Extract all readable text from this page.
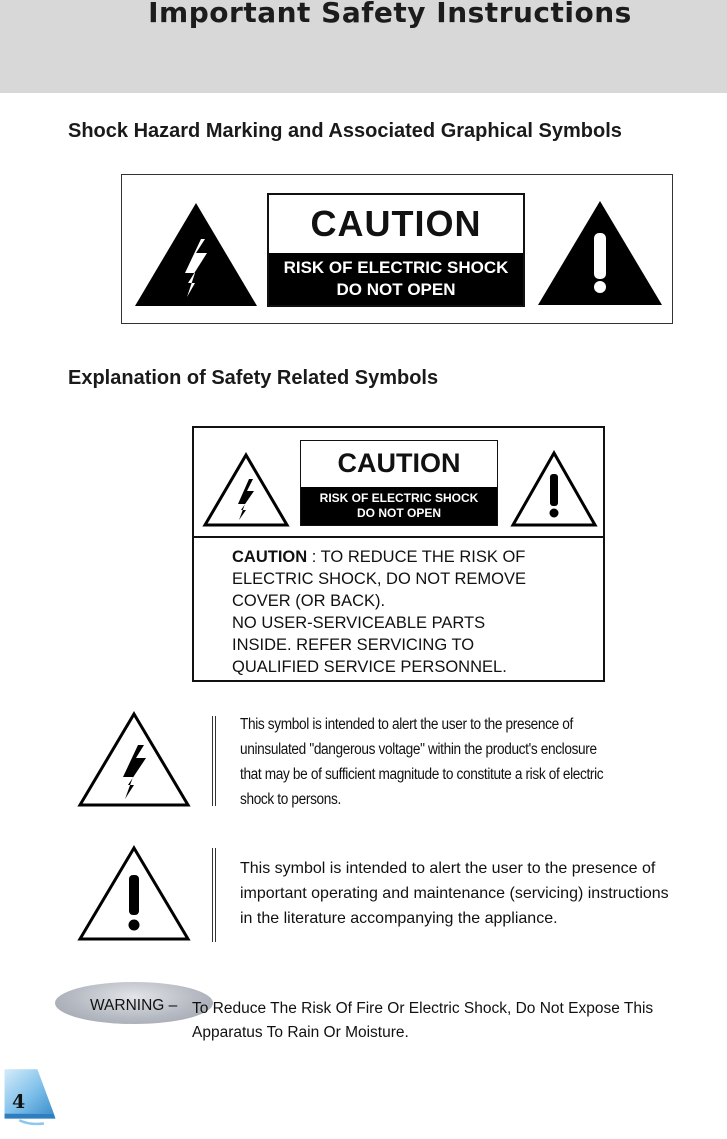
Important Safety Instructions
Shock Hazard Marking and Associated Graphical Symbols
CAUTION
RISK OF ELECTRIC SHOCK
DO NOT OPEN
Explanation of Safety Related Symbols
CAUTION
RISK OF ELECTRIC SHOCK
DO NOT OPEN
CAUTION : TO REDUCE THE RISK OF
ELECTRIC SHOCK, DO NOT REMOVE
COVER (OR BACK).
NO USER-SERVICEABLE PARTS
INSIDE. REFER SERVICING TO
QUALIFIED SERVICE PERSONNEL.
This symbol is intended to alert the user to the presence of
uninsulated "dangerous voltage" within the product's enclosure
that may be of sufficient magnitude to constitute a risk of electric
shock to persons.
This symbol is intended to alert the user to the presence of
important operating and maintenance (servicing) instructions
in the literature accompanying the appliance.
WARNING – To Reduce The Risk Of Fire Or Electric Shock, Do Not Expose This
Apparatus To Rain Or Moisture.
4
